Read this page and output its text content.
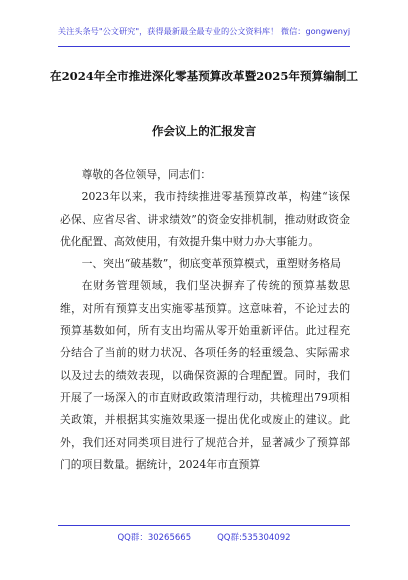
关注头条号"公文研究"，获得最新最全最专业的公文资料库！ 微信：gongwenyj
在2024年全市推进深化零基预算改革暨2025年预算编制工
作会议上的汇报发言

尊敬的各位领导，同志们：

2023年以来，我市持续推进零基预算改革，构建“该保必保、应省尽省、讲求绩效”的资金安排机制，推动财政资金优化配置、高效使用，有效提升集中财力办大事能力。

一、突出“破基数”，彻底变革预算模式，重塑财务格局

在财务管理领域，我们坚决摒弃了传统的预算基数思维，对所有预算支出实施零基预算。这意味着，不论过去的预算基数如何，所有支出均需从零开始重新评估。此过程充分结合了当前的财力状况、各项任务的轻重缓急、实际需求以及过去的绩效表现，以确保资源的合理配置。同时，我们开展了一场深入的市直财政政策清理行动，共梳理出79项相关政策，并根据其实施效果逐一提出优化或废止的建议。此外，我们还对同类项目进行了规范合并，显著减少了预算部门的项目数量。据统计，2024年市直预算

QQ群：30265665	QQ群:535304092
